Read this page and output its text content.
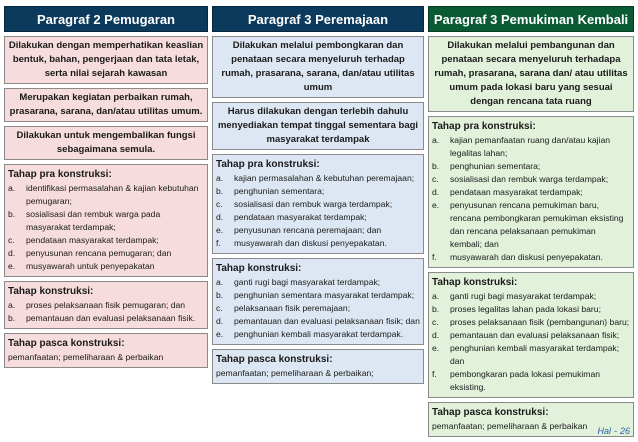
Paragraf 2 Pemugaran
Dilakukan dengan memperhatikan keaslian bentuk, bahan, pengerjaan dan tata letak, serta nilai sejarah kawasan
Merupakan kegiatan perbaikan rumah, prasarana, sarana, dan/atau utilitas umum.
Dilakukan untuk mengembalikan fungsi sebagaimana semula.
Tahap pra konstruksi:
a. identifikasi permasalahan & kajian kebutuhan pemugaran;
b. sosialisasi dan rembuk warga pada masyarakat terdampak;
c. pendataan masyarakat terdampak;
d. penyusunan rencana pemugaran; dan
e. musyawarah untuk penyepakatan
Tahap konstruksi:
a. proses pelaksanaan fisik pemugaran; dan
b. pemantauan dan evaluasi pelaksanaan fisik.
Tahap pasca konstruksi:
pemanfaatan; pemeliharaan & perbaikan
Paragraf 3 Peremajaan
Dilakukan melalui pembongkaran dan penataan secara menyeluruh terhadap rumah, prasarana, sarana, dan/atau utilitas umum
Harus dilakukan dengan terlebih dahulu menyediakan tempat tinggal sementara bagi masyarakat terdampak
Tahap pra konstruksi:
a. kajian permasalahan & kebutuhan peremajaan;
b. penghunian sementara;
c. sosialisasi dan rembuk warga terdampak;
d. pendataan masyarakat terdampak;
e. penyusunan rencana peremajaan; dan
f. musyawarah dan diskusi penyepakatan.
Tahap konstruksi:
a. ganti rugi bagi masyarakat terdampak;
b. penghunian sementara masyarakat terdampak;
c. pelaksanaan fisik peremajaan;
d. pemantauan dan evaluasi pelaksanaan fisik; dan
e. penghunian kembali masyarakat terdampak.
Tahap pasca konstruksi:
pemanfaatan; pemeliharaan & perbaikan;
Paragraf 3 Pemukiman Kembali
Dilakukan melalui pembangunan dan penataan secara menyeluruh terhadapa rumah, prasarana, sarana dan/ atau utilitas umum pada lokasi baru yang sesuai dengan rencana tata ruang
Tahap pra konstruksi:
a. kajian pemanfaatan ruang dan/atau kajian legalitas lahan;
b. penghunian sementara;
c. sosialisasi dan rembuk warga terdampak;
d. pendataan masyarakat terdampak;
e. penyusunan rencana pemukiman baru, rencana pembongkaran pemukiman eksisting dan rencana pelaksanaan pemukiman kembali; dan
f. musyawarah dan diskusi penyepakatan.
Tahap konstruksi:
a. ganti rugi bagi masyarakat terdampak;
b. proses legalitas lahan pada lokasi baru;
c. proses pelaksanaan fisik (pembangunan) baru;
d. pemantauan dan evaluasi pelaksanaan fisik;
e. penghunian kembali masyarakat terdampak; dan
f. pembongkaran pada lokasi pemukiman eksisting.
Tahap pasca konstruksi:
pemanfaatan; pemeliharaan & perbaikan	Hal - 26
